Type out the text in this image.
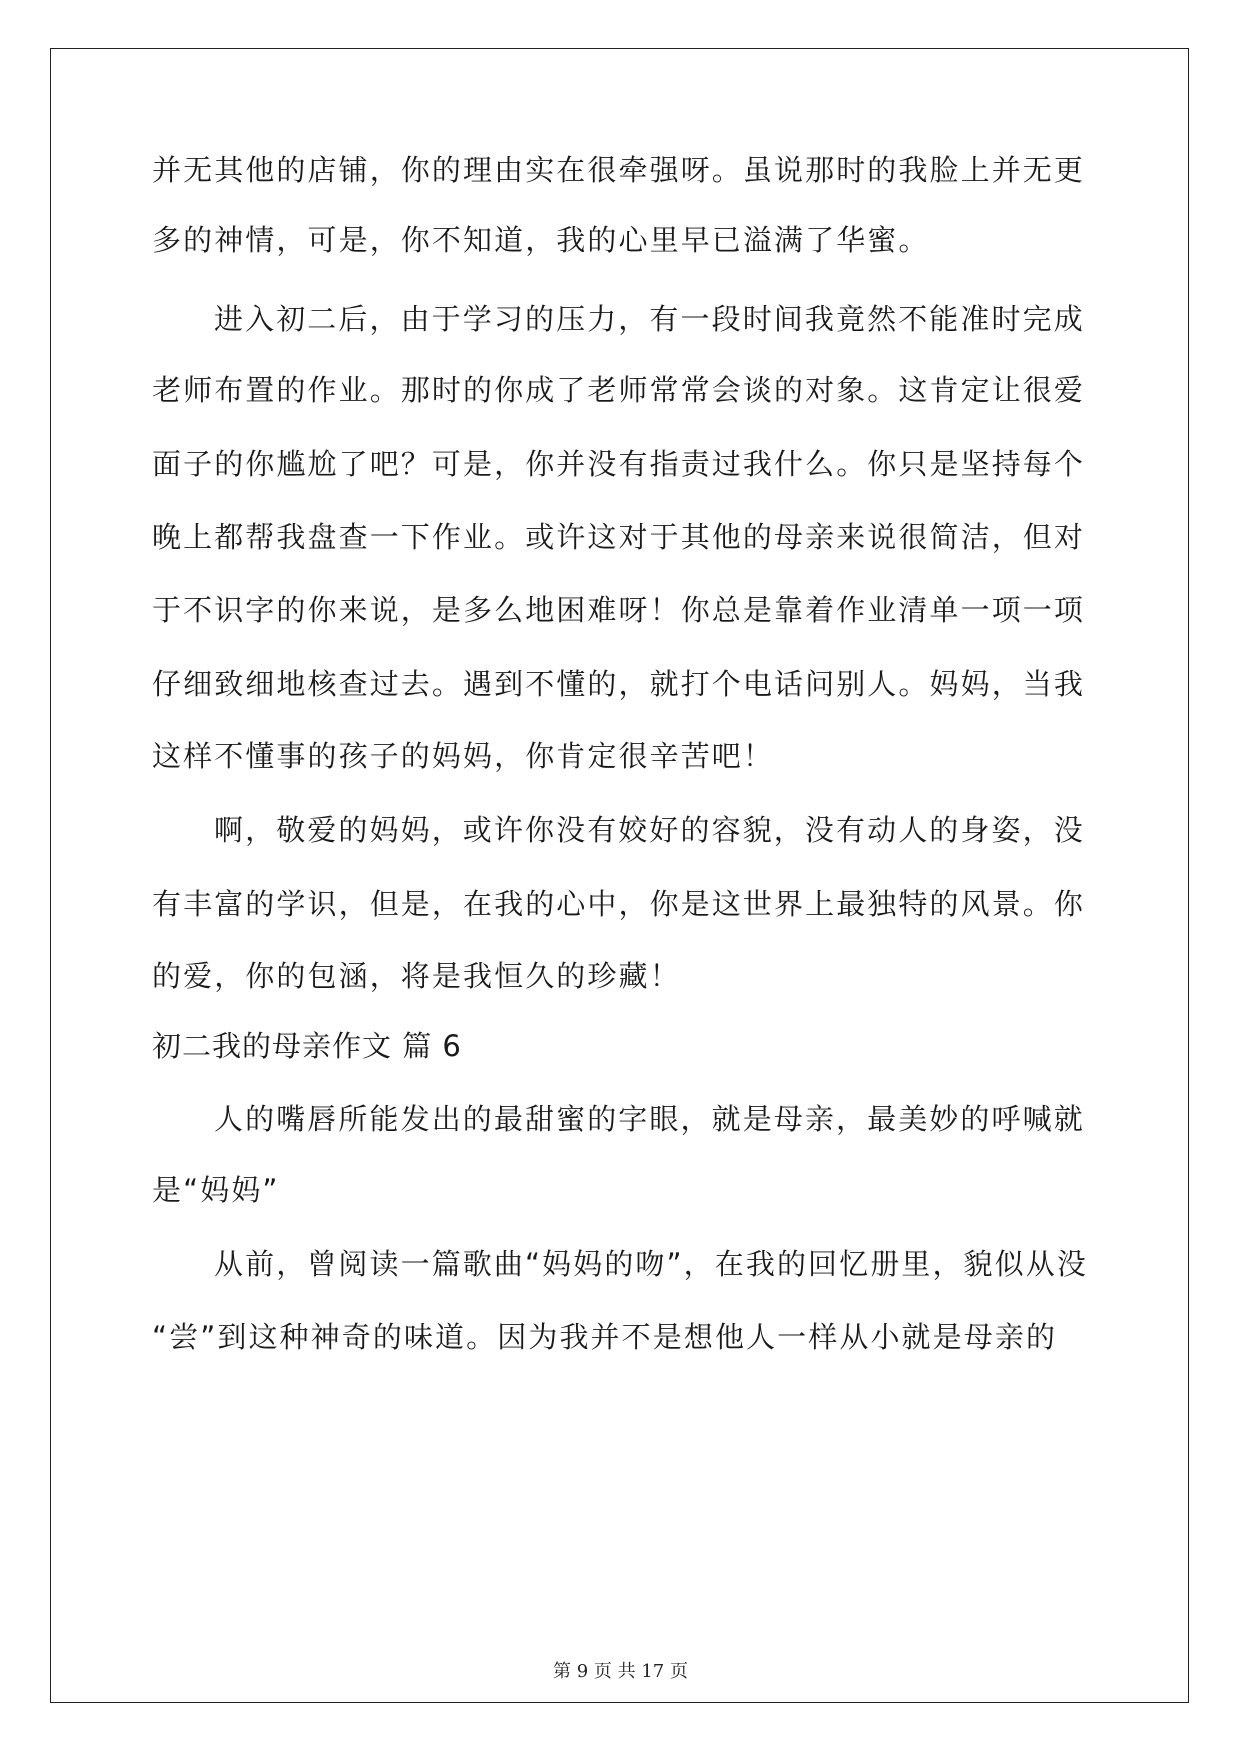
并无其他的店铺，你的理由实在很牵强呀。虽说那时的我脸上并无更
多的神情，可是，你不知道，我的心里早已溢满了华蜜。
进入初二后，由于学习的压力，有一段时间我竟然不能准时完成
老师布置的作业。那时的你成了老师常常会谈的对象。这肯定让很爱
面子的你尴尬了吧？可是，你并没有指责过我什么。你只是坚持每个
晚上都帮我盘查一下作业。或许这对于其他的母亲来说很简洁，但对
于不识字的你来说，是多么地困难呀！你总是靠着作业清单一项一项
仔细致细地核查过去。遇到不懂的，就打个电话问别人。妈妈，当我
这样不懂事的孩子的妈妈，你肯定很辛苦吧！
啊，敬爱的妈妈，或许你没有姣好的容貌，没有动人的身姿，没
有丰富的学识，但是，在我的心中，你是这世界上最独特的风景。你
的爱，你的包涵，将是我恒久的珍藏！
初二我的母亲作文 篇 6
人的嘴唇所能发出的最甜蜜的字眼，就是母亲，最美妙的呼喊就
是“妈妈”
从前，曾阅读一篇歌曲“妈妈的吻”，在我的回忆册里，貌似从没
“尝”到这种神奇的味道。因为我并不是想他人一样从小就是母亲的
第 9 页 共 17 页
